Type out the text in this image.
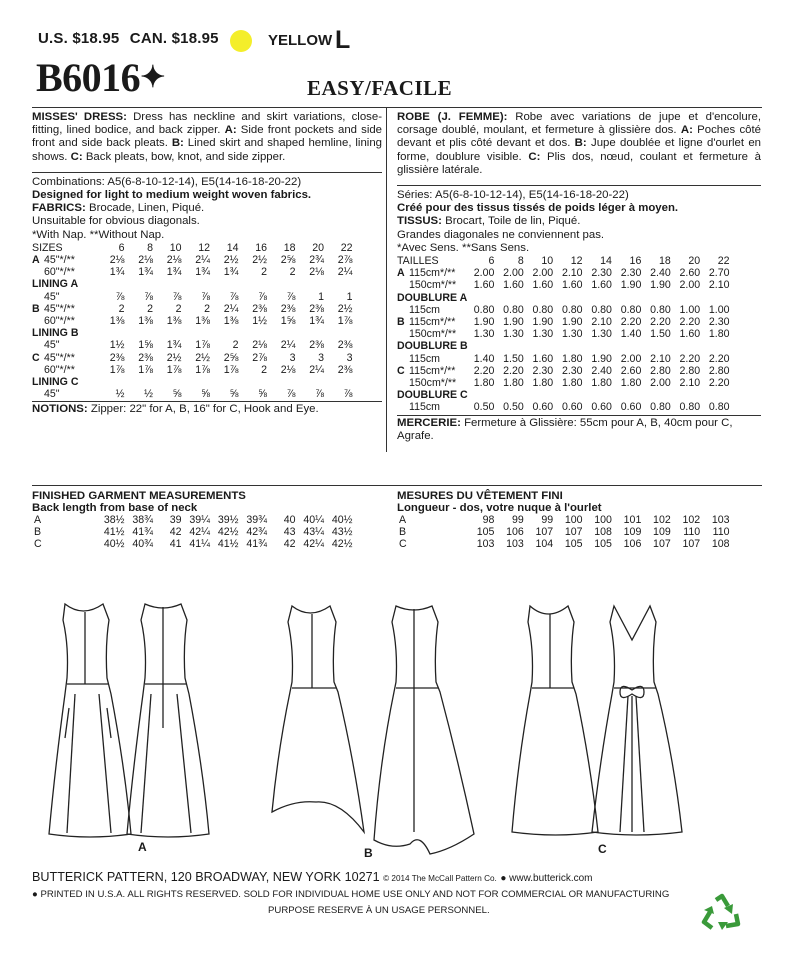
U.S. $18.95 CAN. $18.95	YELLOW L
B6016✦	EASY/FACILE
MISSES' DRESS: Dress has neckline and skirt variations, close-fitting, lined bodice, and back zipper. A: Side front pockets and side front and side back pleats. B: Lined skirt and shaped hemline, lining shows. C: Back pleats, bow, knot, and side zipper.
Combinations: A5(6-8-10-12-14), E5(14-16-18-20-22)
Designed for light to medium weight woven fabrics.
FABRICS: Brocade, Linen, Piqué.
Unsuitable for obvious diagonals.
*With Nap. **Without Nap.
SIZES		6	8	10	12	14	16	18	20	22
A	45"*/**	2⅛	2⅛	2⅛	2¼	2½	2½	2⅝	2¾	2⅞
	60"*/**	1¾	1¾	1¾	1¾	1¾	2	2	2⅛	2¼
LINING A										
	45"	⅞	⅞	⅞	⅞	⅞	⅞	⅞	1	1
B	45"*/**	2	2	2	2	2¼	2⅜	2⅜	2⅜	2½
	60"*/**	1⅜	1⅜	1⅜	1⅜	1⅜	1½	1⅝	1¾	1⅞
LINING B										
	45"	1½	1⅝	1¾	1⅞	2	2⅛	2¼	2⅜	2⅜
C	45"*/**	2⅜	2⅜	2½	2½	2⅝	2⅞	3	3	3
	60"*/**	1⅞	1⅞	1⅞	1⅞	1⅞	2	2⅛	2¼	2⅜
LINING C										
	45"	½	½	⅝	⅝	⅝	⅝	⅞	⅞	⅞
NOTIONS: Zipper: 22" for A, B, 16" for C, Hook and Eye.
ROBE (J. FEMME): Robe avec variations de jupe et d'encolure, corsage doublé, moulant, et fermeture à glissière dos. A: Poches côté devant et plis côté devant et dos. B: Jupe doublée et ligne d'ourlet en forme, doublure visible. C: Plis dos, nœud, coulant et fermeture à glissière latérale.
Séries: A5(6-8-10-12-14), E5(14-16-18-20-22)
Créé pour des tissus tissés de poids léger à moyen.
TISSUS: Brocart, Toile de lin, Piqué.
Grandes diagonales ne conviennent pas.
*Avec Sens. **Sans Sens.
TAILLES		6	8	10	12	14	16	18	20	22
A	115cm*/**	2.00	2.00	2.00	2.10	2.30	2.30	2.40	2.60	2.70
	150cm*/**	1.60	1.60	1.60	1.60	1.60	1.90	1.90	2.00	2.10
DOUBLURE A										
	115cm	0.80	0.80	0.80	0.80	0.80	0.80	0.80	1.00	1.00
B	115cm*/**	1.90	1.90	1.90	1.90	2.10	2.20	2.20	2.20	2.30
	150cm*/**	1.30	1.30	1.30	1.30	1.30	1.40	1.50	1.60	1.80
DOUBLURE B										
	115cm	1.40	1.50	1.60	1.80	1.90	2.00	2.10	2.20	2.20
C	115cm*/**	2.20	2.20	2.30	2.30	2.40	2.60	2.80	2.80	2.80
	150cm*/**	1.80	1.80	1.80	1.80	1.80	1.80	2.00	2.10	2.20
DOUBLURE C										
	115cm	0.50	0.50	0.60	0.60	0.60	0.60	0.80	0.80	0.80
MERCERIE: Fermeture à Glissière: 55cm pour A, B, 40cm pour C, Agrafe.
FINISHED GARMENT MEASUREMENTS
Back length from base of neck
A	38½	38¾	39	39¼	39½	39¾	40	40¼	40½
B	41½	41¾	42	42¼	42½	42¾	43	43¼	43½
C	40½	40¾	41	41¼	41½	41¾	42	42¼	42½
MESURES DU VÊTEMENT FINI
Longueur - dos, votre nuque à l'ourlet
A	98	99	99	100	100	101	102	102	103
B	105	106	107	107	108	109	109	110	110
C	103	103	104	105	105	106	107	107	108
A	B	C
BUTTERICK PATTERN, 120 BROADWAY, NEW YORK 10271 © 2014 The McCall Pattern Co. ● www.butterick.com
● PRINTED IN U.S.A. ALL RIGHTS RESERVED. SOLD FOR INDIVIDUAL HOME USE ONLY AND NOT FOR COMMERCIAL OR MANUFACTURING
PURPOSE RESERVE À UN USAGE PERSONNEL.
